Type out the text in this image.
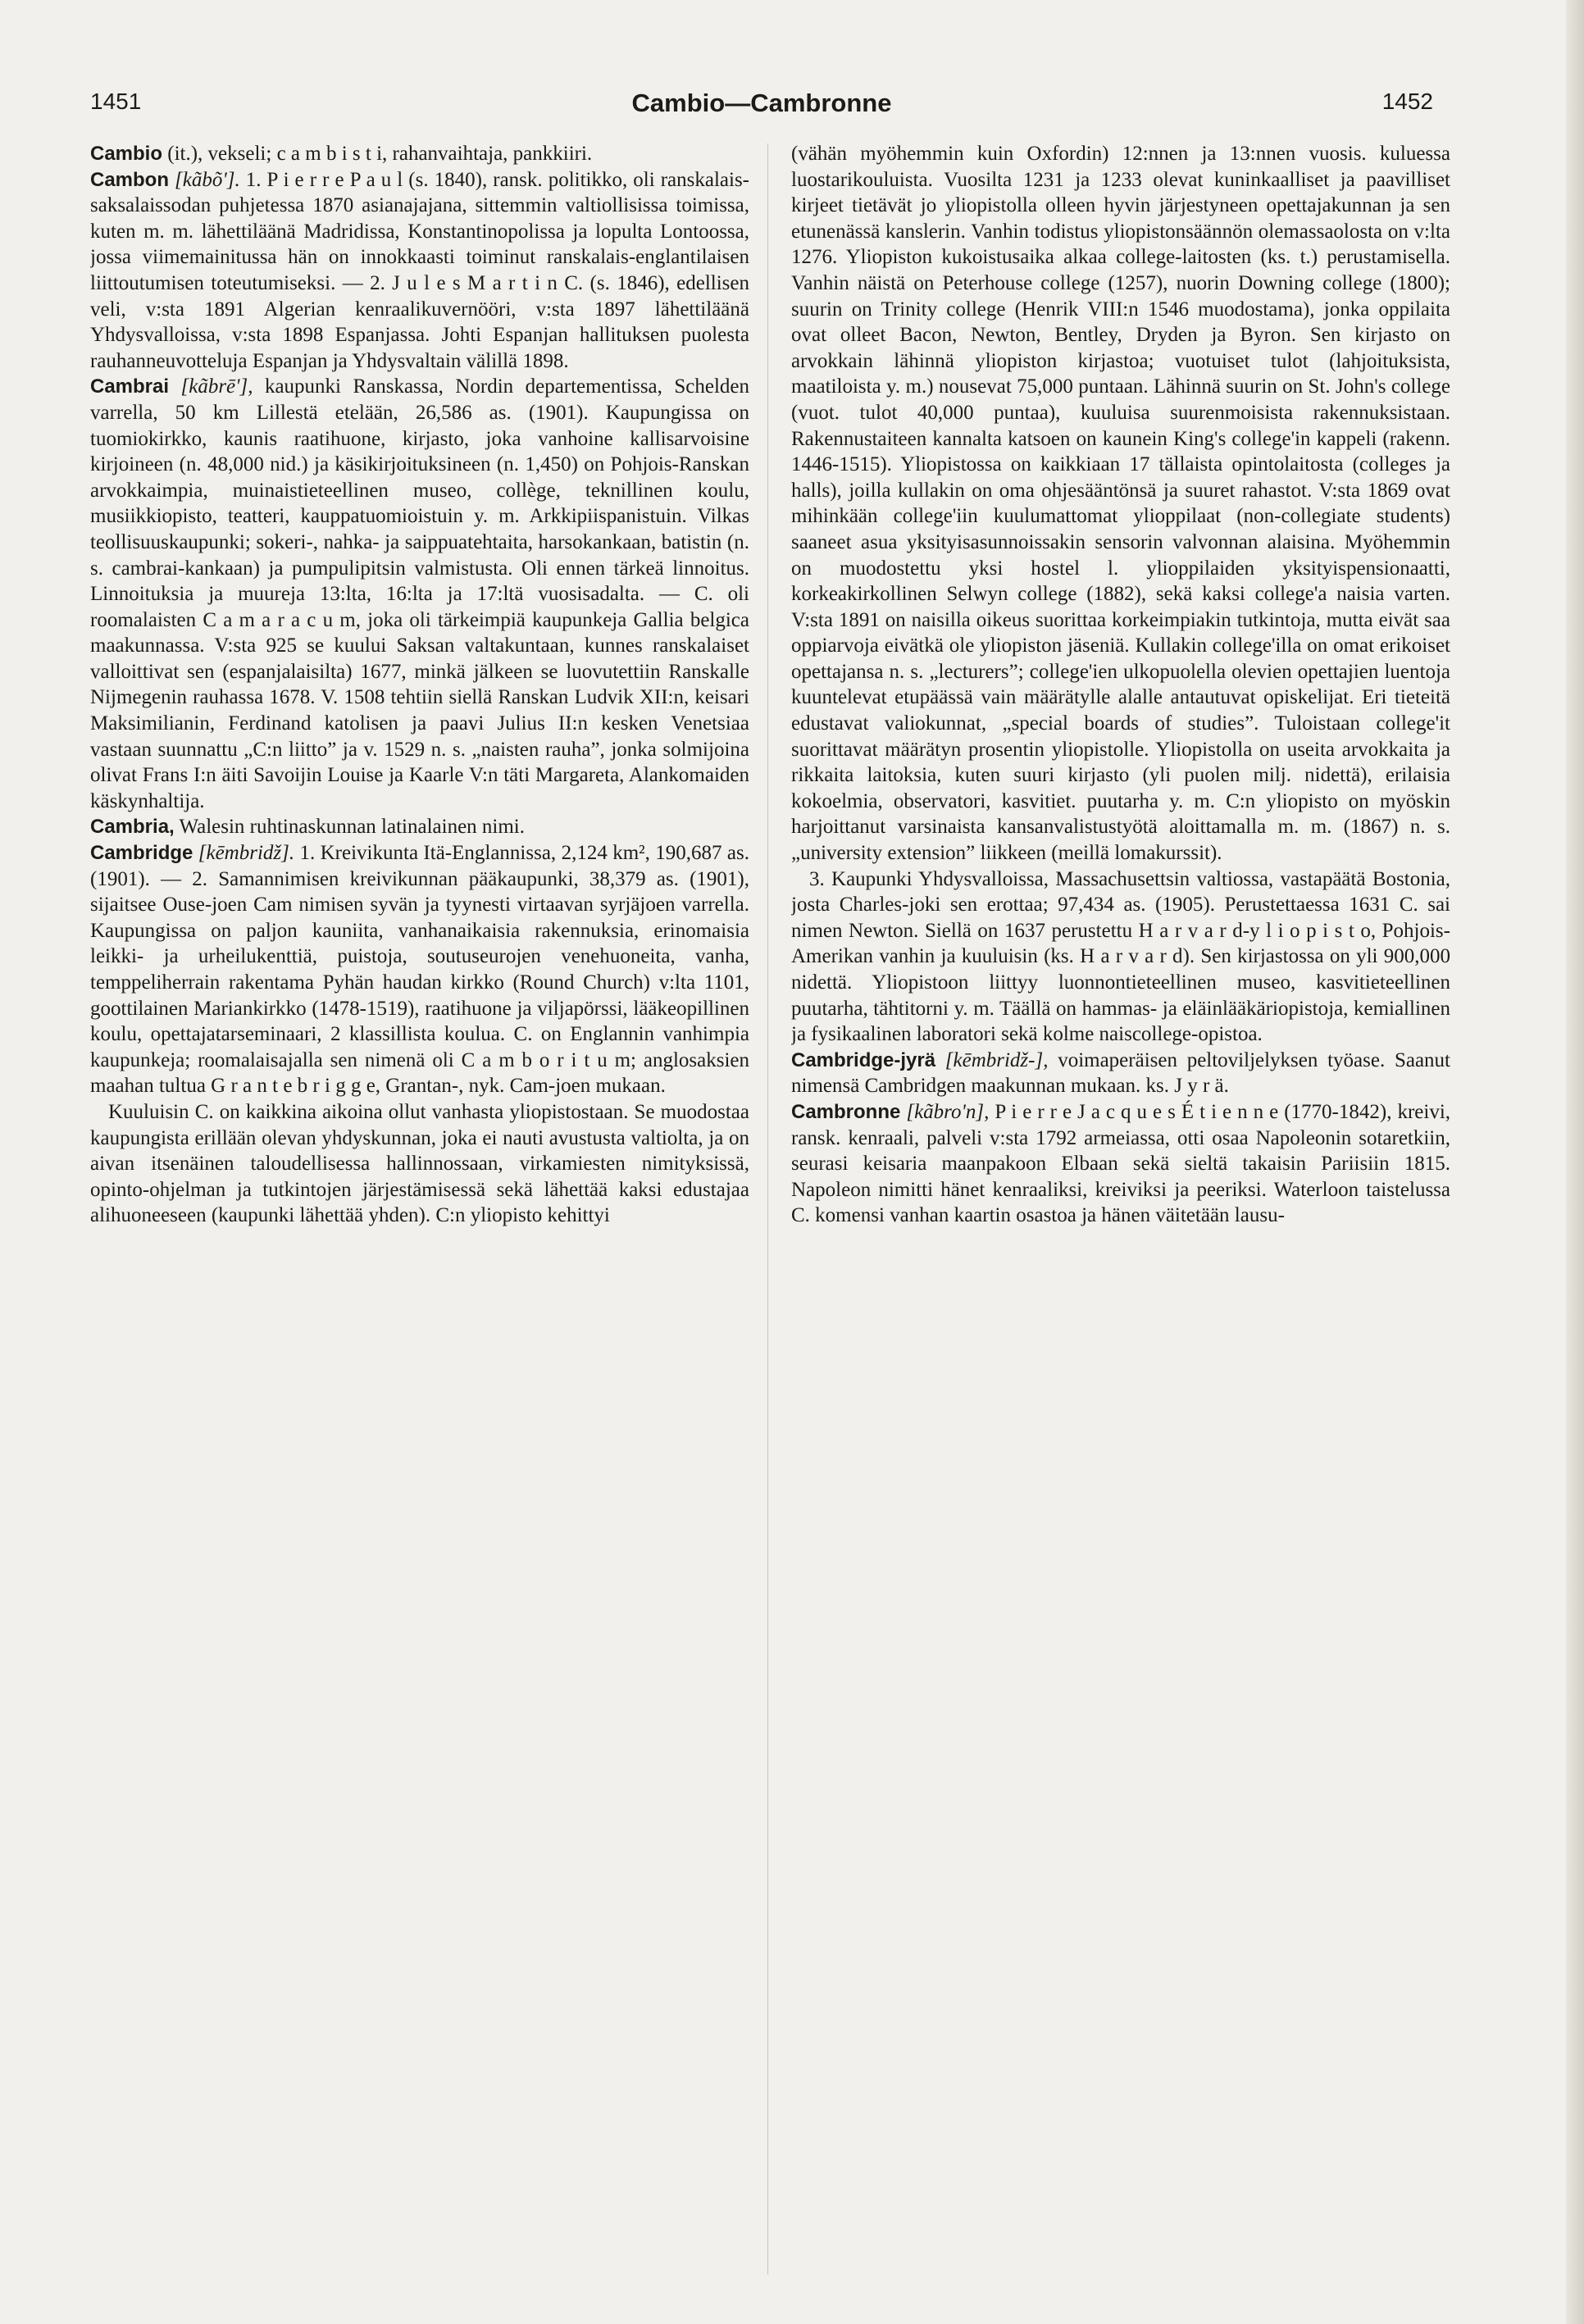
1451	Cambio—Cambronne	1452

Cambio (it.), vekseli; c a m b i s t i, rahanvaihtaja, pankkiiri.

Cambon [kãbõ']. 1. P i e r r e P a u l (s. 1840), ransk. politikko, oli ranskalais-saksalaissodan puhjetessa 1870 asianajajana, sittemmin valtiollisissa toimissa, kuten m. m. lähettiläänä Madridissa, Konstantinopolissa ja lopulta Lontoossa, jossa viimemainitussa hän on innokkaasti toiminut ranskalais-englantilaisen liittoutumisen toteutumiseksi. — 2. J u l e s M a r t i n C. (s. 1846), edellisen veli, v:sta 1891 Algerian kenraalikuvernööri, v:sta 1897 lähettiläänä Yhdysvalloissa, v:sta 1898 Espanjassa. Johti Espanjan hallituksen puolesta rauhanneuvotteluja Espanjan ja Yhdysvaltain välillä 1898.

Cambrai [kãbrē'], kaupunki Ranskassa, Nordin departementissa, Schelden varrella, 50 km Lillestä etelään, 26,586 as. (1901). Kaupungissa on tuomiokirkko, kaunis raatihuone, kirjasto, joka vanhoine kallisarvoisine kirjoineen (n. 48,000 nid.) ja käsikirjoituksineen (n. 1,450) on Pohjois-Ranskan arvokkaimpia, muinaistieteellinen museo, collège, teknillinen koulu, musiikkiopisto, teatteri, kauppatuomioistuin y. m. Arkkipiispanistuin. Vilkas teollisuuskaupunki; sokeri-, nahka- ja saippuatehtaita, harsokankaan, batistin (n. s. cambrai-kankaan) ja pumpulipitsin valmistusta. Oli ennen tärkeä linnoitus. Linnoituksia ja muureja 13:lta, 16:lta ja 17:ltä vuosisadalta. — C. oli roomalaisten C a m a r a c u m, joka oli tärkeimpiä kaupunkeja Gallia belgica maakunnassa. V:sta 925 se kuului Saksan valtakuntaan, kunnes ranskalaiset valloittivat sen (espanjalaisilta) 1677, minkä jälkeen se luovutettiin Ranskalle Nijmegenin rauhassa 1678. V. 1508 tehtiin siellä Ranskan Ludvik XII:n, keisari Maksimilianin, Ferdinand katolisen ja paavi Julius II:n kesken Venetsiaa vastaan suunnattu „C:n liitto” ja v. 1529 n. s. „naisten rauha”, jonka solmijoina olivat Frans I:n äiti Savoijin Louise ja Kaarle V:n täti Margareta, Alankomaiden käskynhaltija.

Cambria, Walesin ruhtinaskunnan latinalainen nimi.

Cambridge [kēmbridž]. 1. Kreivikunta Itä-Englannissa, 2,124 km², 190,687 as. (1901). — 2. Samannimisen kreivikunnan pääkaupunki, 38,379 as. (1901), sijaitsee Ouse-joen Cam nimisen syvän ja tyynesti virtaavan syrjäjoen varrella. Kaupungissa on paljon kauniita, vanhanaikaisia rakennuksia, erinomaisia leikki- ja urheilukenttiä, puistoja, soutuseurojen venehuoneita, vanha, temppeliherrain rakentama Pyhän haudan kirkko (Round Church) v:lta 1101, goottilainen Mariankirkko (1478-1519), raatihuone ja viljapörssi, lääkeopillinen koulu, opettajatarseminaari, 2 klassillista koulua. C. on Englannin vanhimpia kaupunkeja; roomalaisajalla sen nimenä oli C a m b o r i t u m; anglosaksien maahan tultua G r a n t e b r i g g e, Grantan-, nyk. Cam-joen mukaan.

Kuuluisin C. on kaikkina aikoina ollut vanhasta yliopistostaan. Se muodostaa kaupungista erillään olevan yhdyskunnan, joka ei nauti avustusta valtiolta, ja on aivan itsenäinen taloudellisessa hallinnossaan, virkamiesten nimityksissä, opinto-ohjelman ja tutkintojen järjestämisessä sekä lähettää kaksi edustajaa alihuoneeseen (kaupunki lähettää yhden). C:n yliopisto kehittyi

(vähän myöhemmin kuin Oxfordin) 12:nnen ja 13:nnen vuosis. kuluessa luostarikouluista. Vuosilta 1231 ja 1233 olevat kuninkaalliset ja paavilliset kirjeet tietävät jo yliopistolla olleen hyvin järjestyneen opettajakunnan ja sen etunenässä kanslerin. Vanhin todistus yliopistonsäännön olemassaolosta on v:lta 1276. Yliopiston kukoistusaika alkaa college-laitosten (ks. t.) perustamisella. Vanhin näistä on Peterhouse college (1257), nuorin Downing college (1800); suurin on Trinity college (Henrik VIII:n 1546 muodostama), jonka oppilaita ovat olleet Bacon, Newton, Bentley, Dryden ja Byron. Sen kirjasto on arvokkain lähinnä yliopiston kirjastoa; vuotuiset tulot (lahjoituksista, maatiloista y. m.) nousevat 75,000 puntaan. Lähinnä suurin on St. John's college (vuot. tulot 40,000 puntaa), kuuluisa suurenmoisista rakennuksistaan. Rakennustaiteen kannalta katsoen on kaunein King's college'in kappeli (rakenn. 1446-1515). Yliopistossa on kaikkiaan 17 tällaista opintolaitosta (colleges ja halls), joilla kullakin on oma ohjesääntönsä ja suuret rahastot. V:sta 1869 ovat mihinkään college'iin kuulumattomat ylioppilaat (non-collegiate students) saaneet asua yksityisasunnoissakin sensorin valvonnan alaisina. Myöhemmin on muodostettu yksi hostel l. ylioppilaiden yksityispensionaatti, korkeakirkollinen Selwyn college (1882), sekä kaksi college'a naisia varten. V:sta 1891 on naisilla oikeus suorittaa korkeimpiakin tutkintoja, mutta eivät saa oppiarvoja eivätkä ole yliopiston jäseniä. Kullakin college'illa on omat erikoiset opettajansa n. s. „lecturers”; college'ien ulkopuolella olevien opettajien luentoja kuuntelevat etupäässä vain määrätylle alalle antautuvat opiskelijat. Eri tieteitä edustavat valiokunnat, „special boards of studies”. Tuloistaan college'it suorittavat määrätyn prosentin yliopistolle. Yliopistolla on useita arvokkaita ja rikkaita laitoksia, kuten suuri kirjasto (yli puolen milj. nidettä), erilaisia kokoelmia, observatori, kasvitiet. puutarha y. m. C:n yliopisto on myöskin harjoittanut varsinaista kansanvalistustyötä aloittamalla m. m. (1867) n. s. „university extension” liikkeen (meillä lomakurssit).

3. Kaupunki Yhdysvalloissa, Massachusettsin valtiossa, vastapäätä Bostonia, josta Charles-joki sen erottaa; 97,434 as. (1905). Perustettaessa 1631 C. sai nimen Newton. Siellä on 1637 perustettu H a r v a r d-y l i o p i s t o, Pohjois-Amerikan vanhin ja kuuluisin (ks. H a r v a r d). Sen kirjastossa on yli 900,000 nidettä. Yliopistoon liittyy luonnontieteellinen museo, kasvitieteellinen puutarha, tähtitorni y. m. Täällä on hammas- ja eläinlääkäriopistoja, kemiallinen ja fysikaalinen laboratori sekä kolme naiscollege-opistoa.

Cambridge-jyrä [kēmbridž-], voimaperäisen peltoviljelyksen työase. Saanut nimensä Cambridgen maakunnan mukaan. ks. J y r ä.

Cambronne [kãbro'n], P i e r r e J a c q u e s É t i e n n e (1770-1842), kreivi, ransk. kenraali, palveli v:sta 1792 armeiassa, otti osaa Napoleonin sotaretkiin, seurasi keisaria maanpakoon Elbaan sekä sieltä takaisin Pariisiin 1815. Napoleon nimitti hänet kenraaliksi, kreiviksi ja peeriksi. Waterloon taistelussa C. komensi vanhan kaartin osastoa ja hänen väitetään lausu-
